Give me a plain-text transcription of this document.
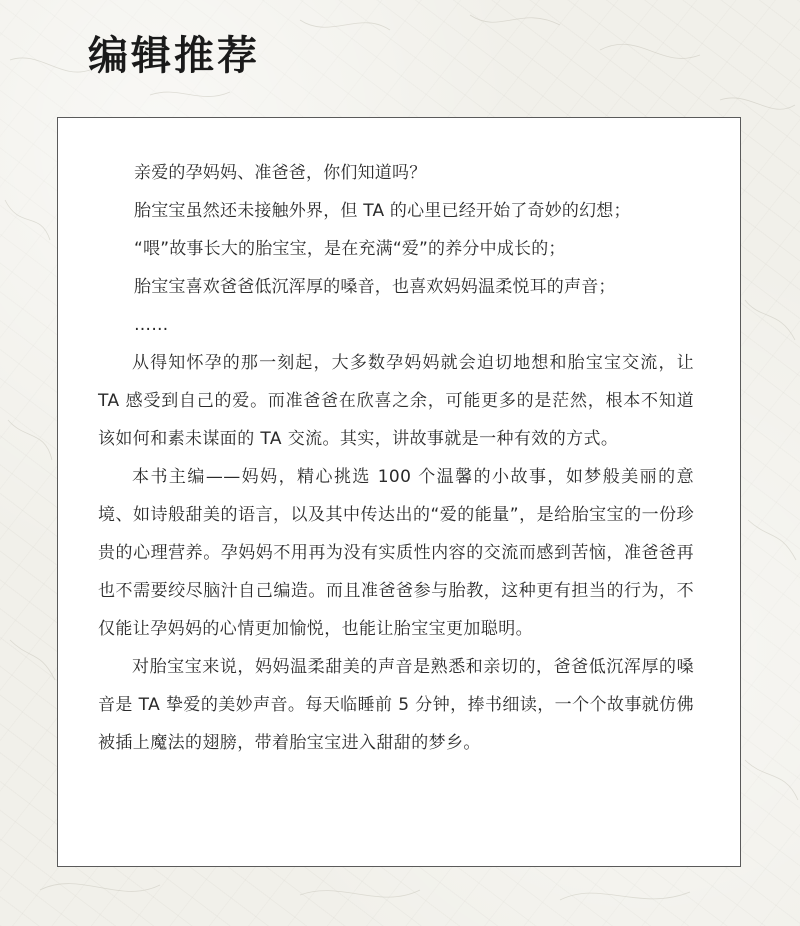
编辑推荐
亲爱的孕妈妈、准爸爸，你们知道吗？
胎宝宝虽然还未接触外界，但 TA 的心里已经开始了奇妙的幻想；
“喂”故事长大的胎宝宝，是在充满“爱”的养分中成长的；
胎宝宝喜欢爸爸低沉浑厚的嗓音，也喜欢妈妈温柔悦耳的声音；
……

从得知怀孕的那一刻起，大多数孕妈妈就会迫切地想和胎宝宝交流，让 TA 感受到自己的爱。而准爸爸在欣喜之余，可能更多的是茫然，根本不知道该如何和素未谋面的 TA 交流。其实，讲故事就是一种有效的方式。

本书主编——妈妈，精心挑选 100 个温馨的小故事，如梦般美丽的意境、如诗般甜美的语言，以及其中传达出的“爱的能量”，是给胎宝宝的一份珍贵的心理营养。孕妈妈不用再为没有实质性内容的交流而感到苦恼，准爸爸再也不需要绞尽脑汁自己编造。而且准爸爸参与胎教，这种更有担当的行为，不仅能让孕妈妈的心情更加愉悦，也能让胎宝宝更加聪明。

对胎宝宝来说，妈妈温柔甜美的声音是熟悉和亲切的，爸爸低沉浑厚的嗓音是 TA 挚爱的美妙声音。每天临睡前 5 分钟，捧书细读，一个个故事就仿佛被插上魔法的翅膀，带着胎宝宝进入甜甜的梦乡。
